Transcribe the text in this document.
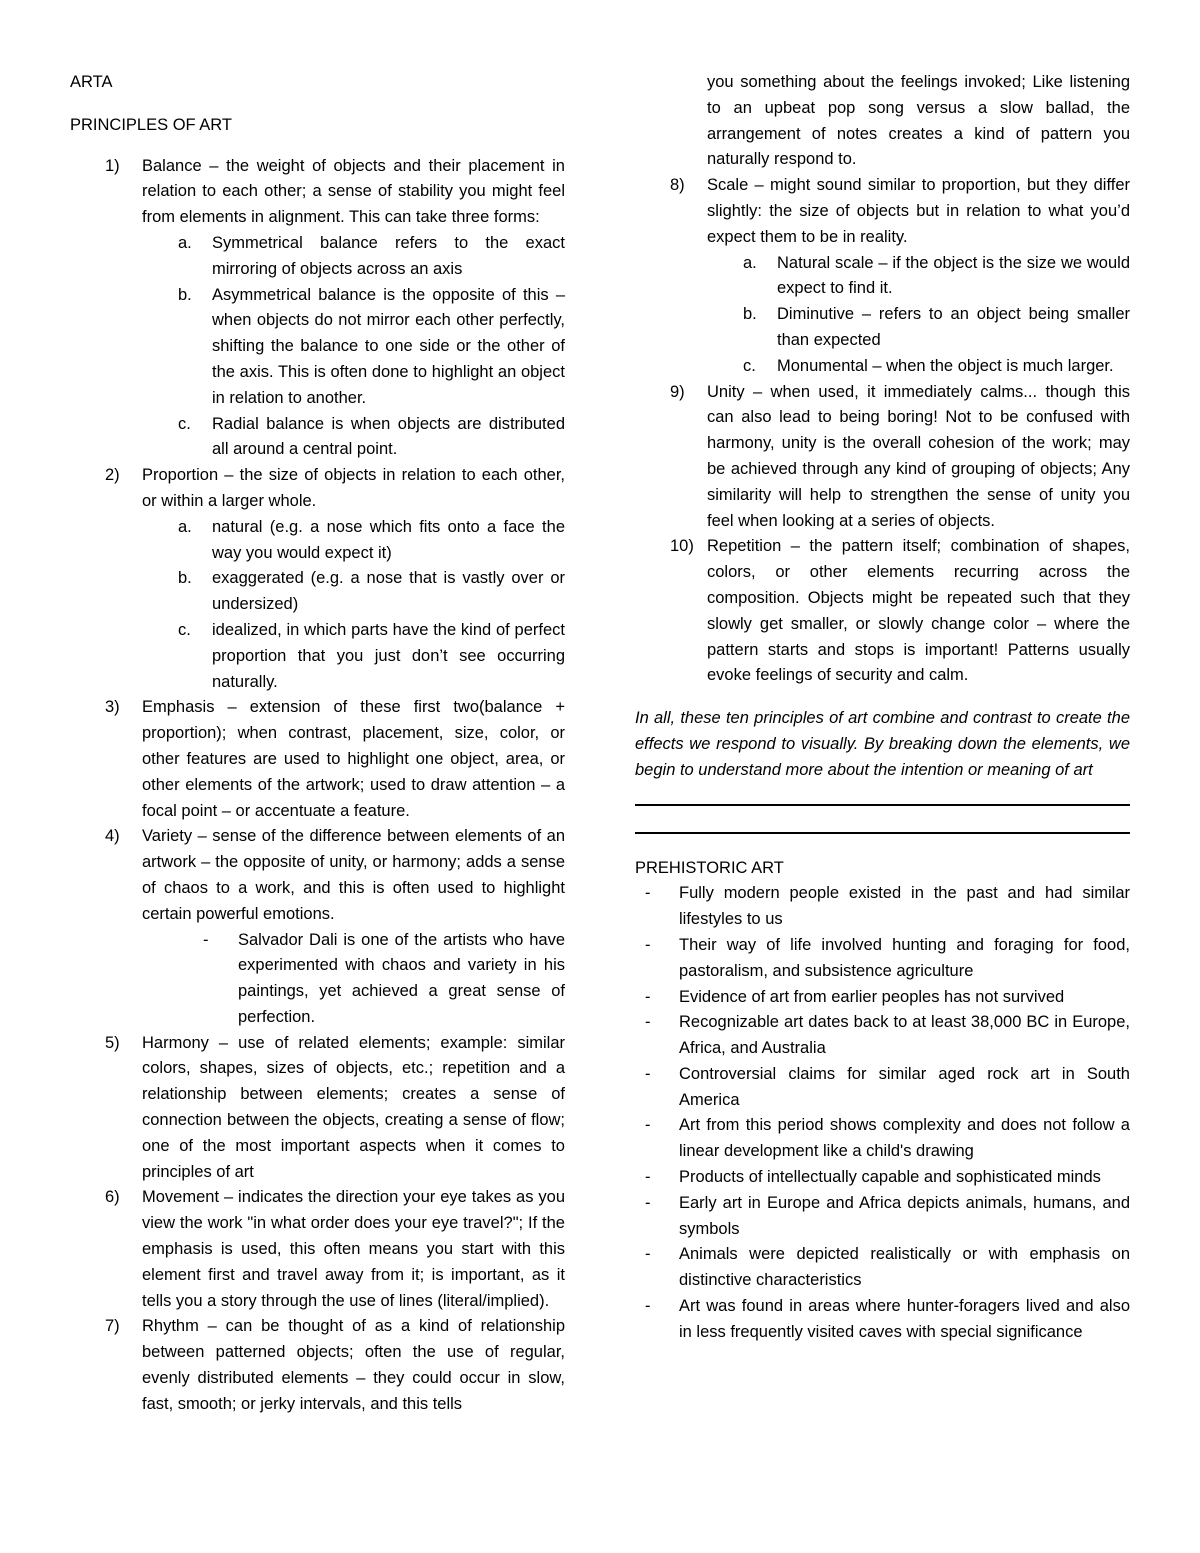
ARTA

PRINCIPLES OF ART

1) Balance – the weight of objects and their placement in relation to each other; a sense of stability you might feel from elements in alignment. This can take three forms:
a. Symmetrical balance refers to the exact mirroring of objects across an axis
b. Asymmetrical balance is the opposite of this – when objects do not mirror each other perfectly, shifting the balance to one side or the other of the axis. This is often done to highlight an object in relation to another.
c. Radial balance is when objects are distributed all around a central point.
2) Proportion – the size of objects in relation to each other, or within a larger whole.
a. natural (e.g. a nose which fits onto a face the way you would expect it)
b. exaggerated (e.g. a nose that is vastly over or undersized)
c. idealized, in which parts have the kind of perfect proportion that you just don’t see occurring naturally.
3) Emphasis – extension of these first two(balance + proportion); when contrast, placement, size, color, or other features are used to highlight one object, area, or other elements of the artwork; used to draw attention – a focal point – or accentuate a feature.
4) Variety – sense of the difference between elements of an artwork – the opposite of unity, or harmony; adds a sense of chaos to a work, and this is often used to highlight certain powerful emotions.
- Salvador Dali is one of the artists who have experimented with chaos and variety in his paintings, yet achieved a great sense of perfection.
5) Harmony – use of related elements; example: similar colors, shapes, sizes of objects, etc.; repetition and a relationship between elements; creates a sense of connection between the objects, creating a sense of flow; one of the most important aspects when it comes to principles of art
6) Movement – indicates the direction your eye takes as you view the work "in what order does your eye travel?"; If the emphasis is used, this often means you start with this element first and travel away from it; is important, as it tells you a story through the use of lines (literal/implied).
7) Rhythm – can be thought of as a kind of relationship between patterned objects; often the use of regular, evenly distributed elements – they could occur in slow, fast, smooth; or jerky intervals, and this tells

you something about the feelings invoked; Like listening to an upbeat pop song versus a slow ballad, the arrangement of notes creates a kind of pattern you naturally respond to.

8) Scale – might sound similar to proportion, but they differ slightly: the size of objects but in relation to what you’d expect them to be in reality.
a. Natural scale – if the object is the size we would expect to find it.
b. Diminutive – refers to an object being smaller than expected
c. Monumental – when the object is much larger.
9) Unity – when used, it immediately calms... though this can also lead to being boring! Not to be confused with harmony, unity is the overall cohesion of the work; may be achieved through any kind of grouping of objects; Any similarity will help to strengthen the sense of unity you feel when looking at a series of objects.
10) Repetition – the pattern itself; combination of shapes, colors, or other elements recurring across the composition. Objects might be repeated such that they slowly get smaller, or slowly change color – where the pattern starts and stops is important! Patterns usually evoke feelings of security and calm.

In all, these ten principles of art combine and contrast to create the effects we respond to visually. By breaking down the elements, we begin to understand more about the intention or meaning of art

PREHISTORIC ART

- Fully modern people existed in the past and had similar lifestyles to us
- Their way of life involved hunting and foraging for food, pastoralism, and subsistence agriculture
- Evidence of art from earlier peoples has not survived
- Recognizable art dates back to at least 38,000 BC in Europe, Africa, and Australia
- Controversial claims for similar aged rock art in South America
- Art from this period shows complexity and does not follow a linear development like a child's drawing
- Products of intellectually capable and sophisticated minds
- Early art in Europe and Africa depicts animals, humans, and symbols
- Animals were depicted realistically or with emphasis on distinctive characteristics
- Art was found in areas where hunter-foragers lived and also in less frequently visited caves with special significance
